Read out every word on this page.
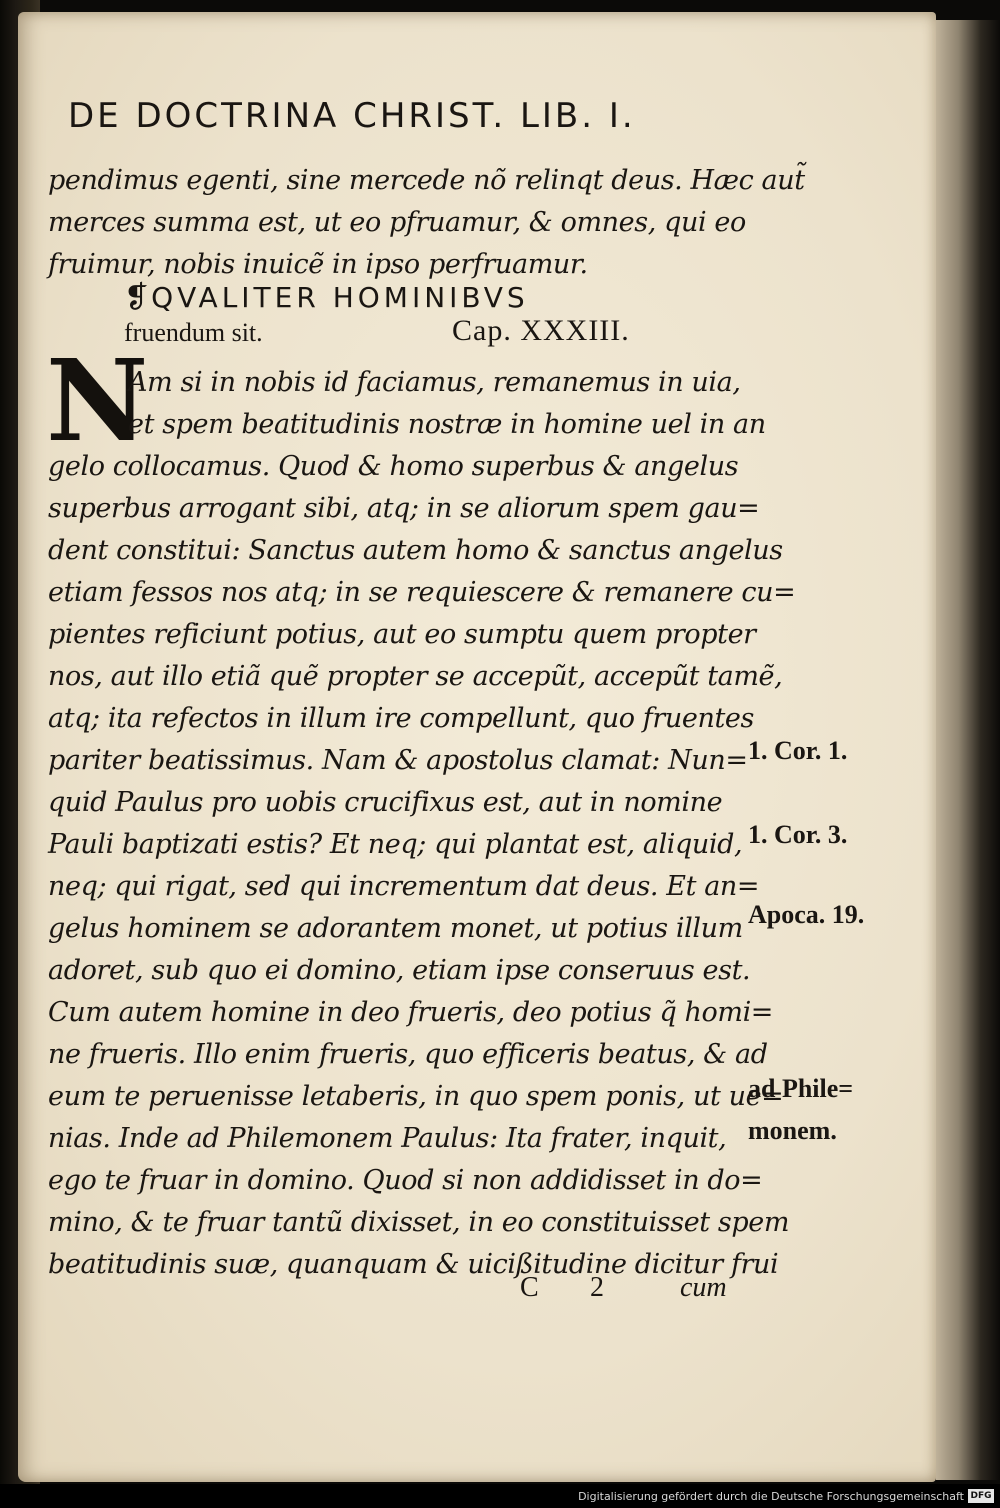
DE DOCTRINA CHRIST. LIB. I.
pendimus egenti, sine mercede nõ relinqt deus. Hæc aut̃
merces summa est, ut eo pfruamur, & omnes, qui eo
fruimur, nobis inuicẽ in ipso perfruamur.
❡QVALITER HOMINIBVS
fruendum sit.	Cap. XXXIII.
N
Am si in nobis id faciamus, remanemus in uia,
et spem beatitudinis nostræ in homine uel in an
gelo collocamus. Quod & homo superbus & angelus
superbus arrogant sibi, atq; in se aliorum spem gau=
dent constitui: Sanctus autem homo & sanctus angelus
etiam fessos nos atq; in se requiescere & remanere cu=
pientes reficiunt potius, aut eo sumptu quem propter
nos, aut illo etiã quẽ propter se accepũt, accepũt tamẽ,
atq; ita refectos in illum ire compellunt, quo fruentes
pariter beatissimus. Nam & apostolus clamat: Nun=
quid Paulus pro uobis crucifixus est, aut in nomine
Pauli baptizati estis? Et neq; qui plantat est, aliquid,
neq; qui rigat, sed qui incrementum dat deus. Et an=
gelus hominem se adorantem monet, ut potius illum
adoret, sub quo ei domino, etiam ipse conseruus est.
Cum autem homine in deo frueris, deo potius q̃ homi=
ne frueris. Illo enim frueris, quo efficeris beatus, & ad
eum te peruenisse letaberis, in quo spem ponis, ut ue=
nias. Inde ad Philemonem Paulus: Ita frater, inquit,
ego te fruar in domino. Quod si non addidisset in do=
mino, & te fruar tantũ dixisset, in eo constituisset spem
beatitudinis suæ, quanquam & uicißitudine dicitur frui
1. Cor. 1.
1. Cor. 3.
Apoca. 19.
ad Phile=
monem.
C 2	cum
Digitalisierung gefördert durch die Deutsche Forschungsgemeinschaft DFG
